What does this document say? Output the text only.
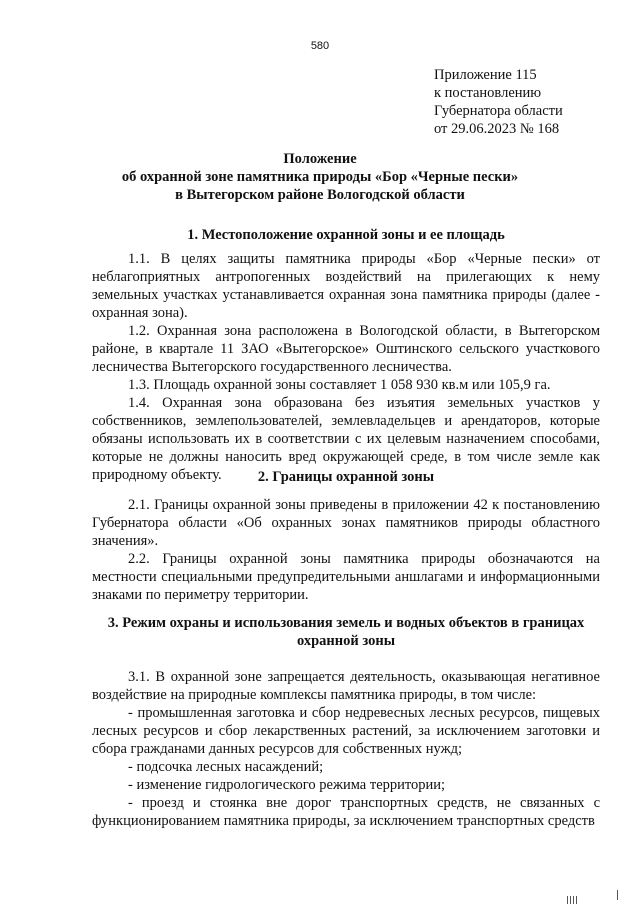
580
Приложение 115
к постановлению
Губернатора области
от 29.06.2023 № 168
Положение
об охранной зоне памятника природы «Бор «Черные пески» в Вытегорском районе Вологодской области
1. Местоположение охранной зоны и ее площадь

1.1. В целях защиты памятника природы «Бор «Черные пески» от неблагоприятных антропогенных воздействий на прилегающих к нему земельных участках устанавливается охранная зона памятника природы (далее - охранная зона).

1.2. Охранная зона расположена в Вологодской области, в Вытегорском районе, в квартале 11 ЗАО «Вытегорское» Оштинского сельского участкового лесничества Вытегорского государственного лесничества.

1.3. Площадь охранной зоны составляет 1 058 930 кв.м или 105,9 га.

1.4. Охранная зона образована без изъятия земельных участков у собственников, землепользователей, землевладельцев и арендаторов, которые обязаны использовать их в соответствии с их целевым назначением способами, которые не должны наносить вред окружающей среде, в том числе земле как природному объекту.	2. Границы охранной зоны

2.1. Границы охранной зоны приведены в приложении 42 к постановлению Губернатора области «Об охранных зонах памятников природы областного значения».

2.2. Границы охранной зоны памятника природы обозначаются на местности специальными предупредительными аншлагами и информационными знаками по периметру территории.

3. Режим охраны и использования земель и водных объектов в границах охранной зоны

3.1. В охранной зоне запрещается деятельность, оказывающая негативное воздействие на природные комплексы памятника природы, в том числе:

- промышленная заготовка и сбор недревесных лесных ресурсов, пищевых лесных ресурсов и сбор лекарственных растений, за исключением заготовки и сбора гражданами данных ресурсов для собственных нужд;

- подсочка лесных насаждений;

- изменение гидрологического режима территории;

- проезд и стоянка вне дорог транспортных средств, не связанных с функционированием памятника природы, за исключением транспортных средств
